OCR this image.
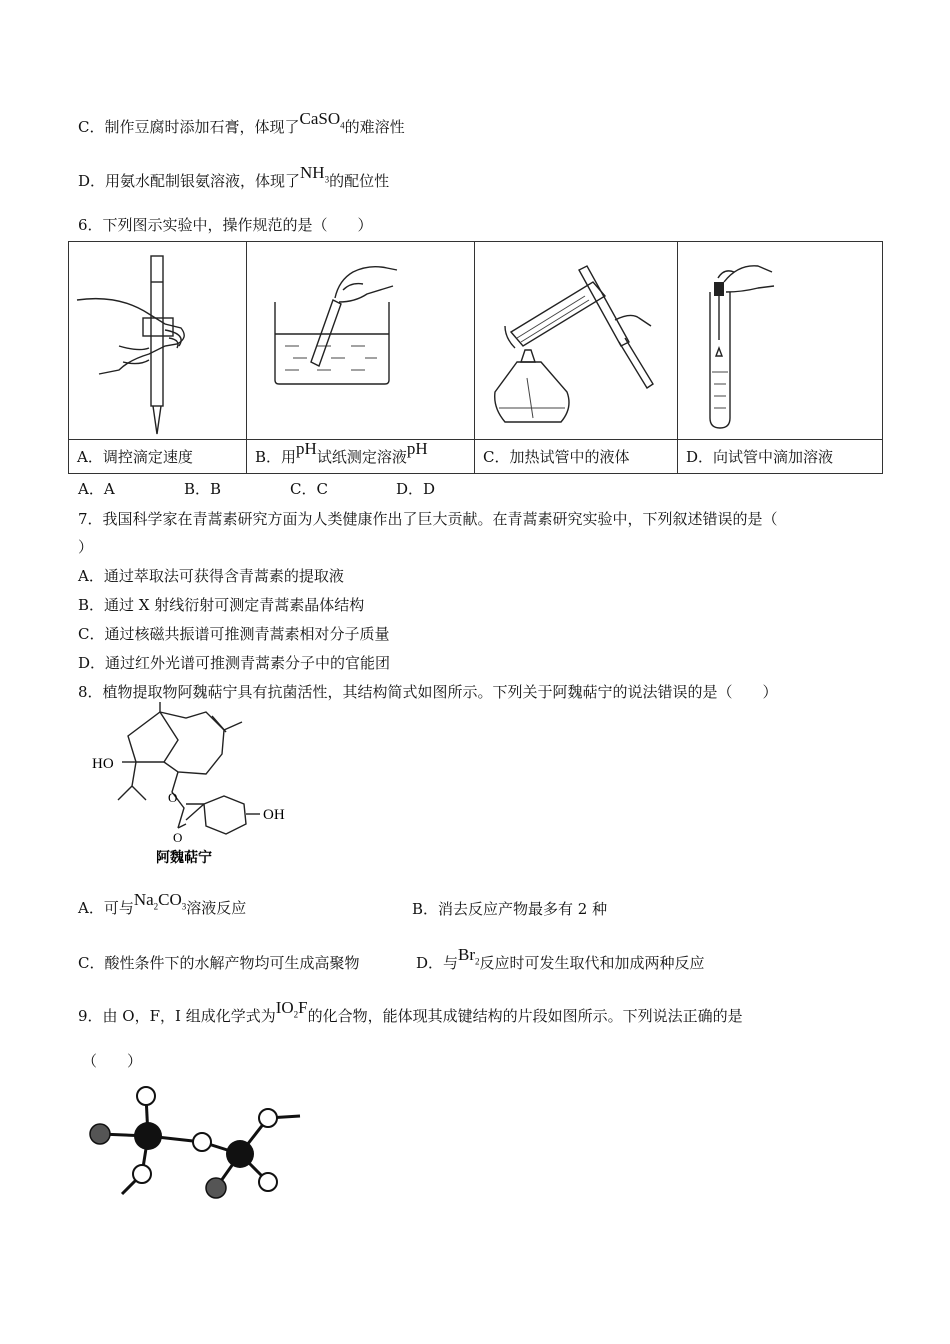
C．制作豆腐时添加石膏，体现了CaSO$_4$的难溶性
D．用氨水配制银氨溶液，体现了$NH_3$的配位性
6．下列图示实验中，操作规范的是（　　）

A．调控滴定速度	B．用pH试纸测定溶液pH	C．加热试管中的液体	D．向试管中滴加溶液
A．A	B．B	C．C	D．D
7．我国科学家在青蒿素研究方面为人类健康作出了巨大贡献。在青蒿素研究实验中，下列叙述错误的是（
）
A．通过萃取法可获得含青蒿素的提取液
B．通过 X 射线衍射可测定青蒿素晶体结构
C．通过核磁共振谱可推测青蒿素相对分子质量
D．通过红外光谱可推测青蒿素分子中的官能团
8．植物提取物阿魏萜宁具有抗菌活性，其结构简式如图所示。下列关于阿魏萜宁的说法错误的是（　　）
HO
OH
O
O
阿魏萜宁
A．可与$Na_2CO_3$溶液反应	B．消去反应产物最多有 2 种
C．酸性条件下的水解产物均可生成高聚物	D．与$Br_2$反应时可发生取代和加成两种反应
9．由 O，F，I 组成化学式为$IO_2F$的化合物，能体现其成键结构的片段如图所示。下列说法正确的是
（　　）
